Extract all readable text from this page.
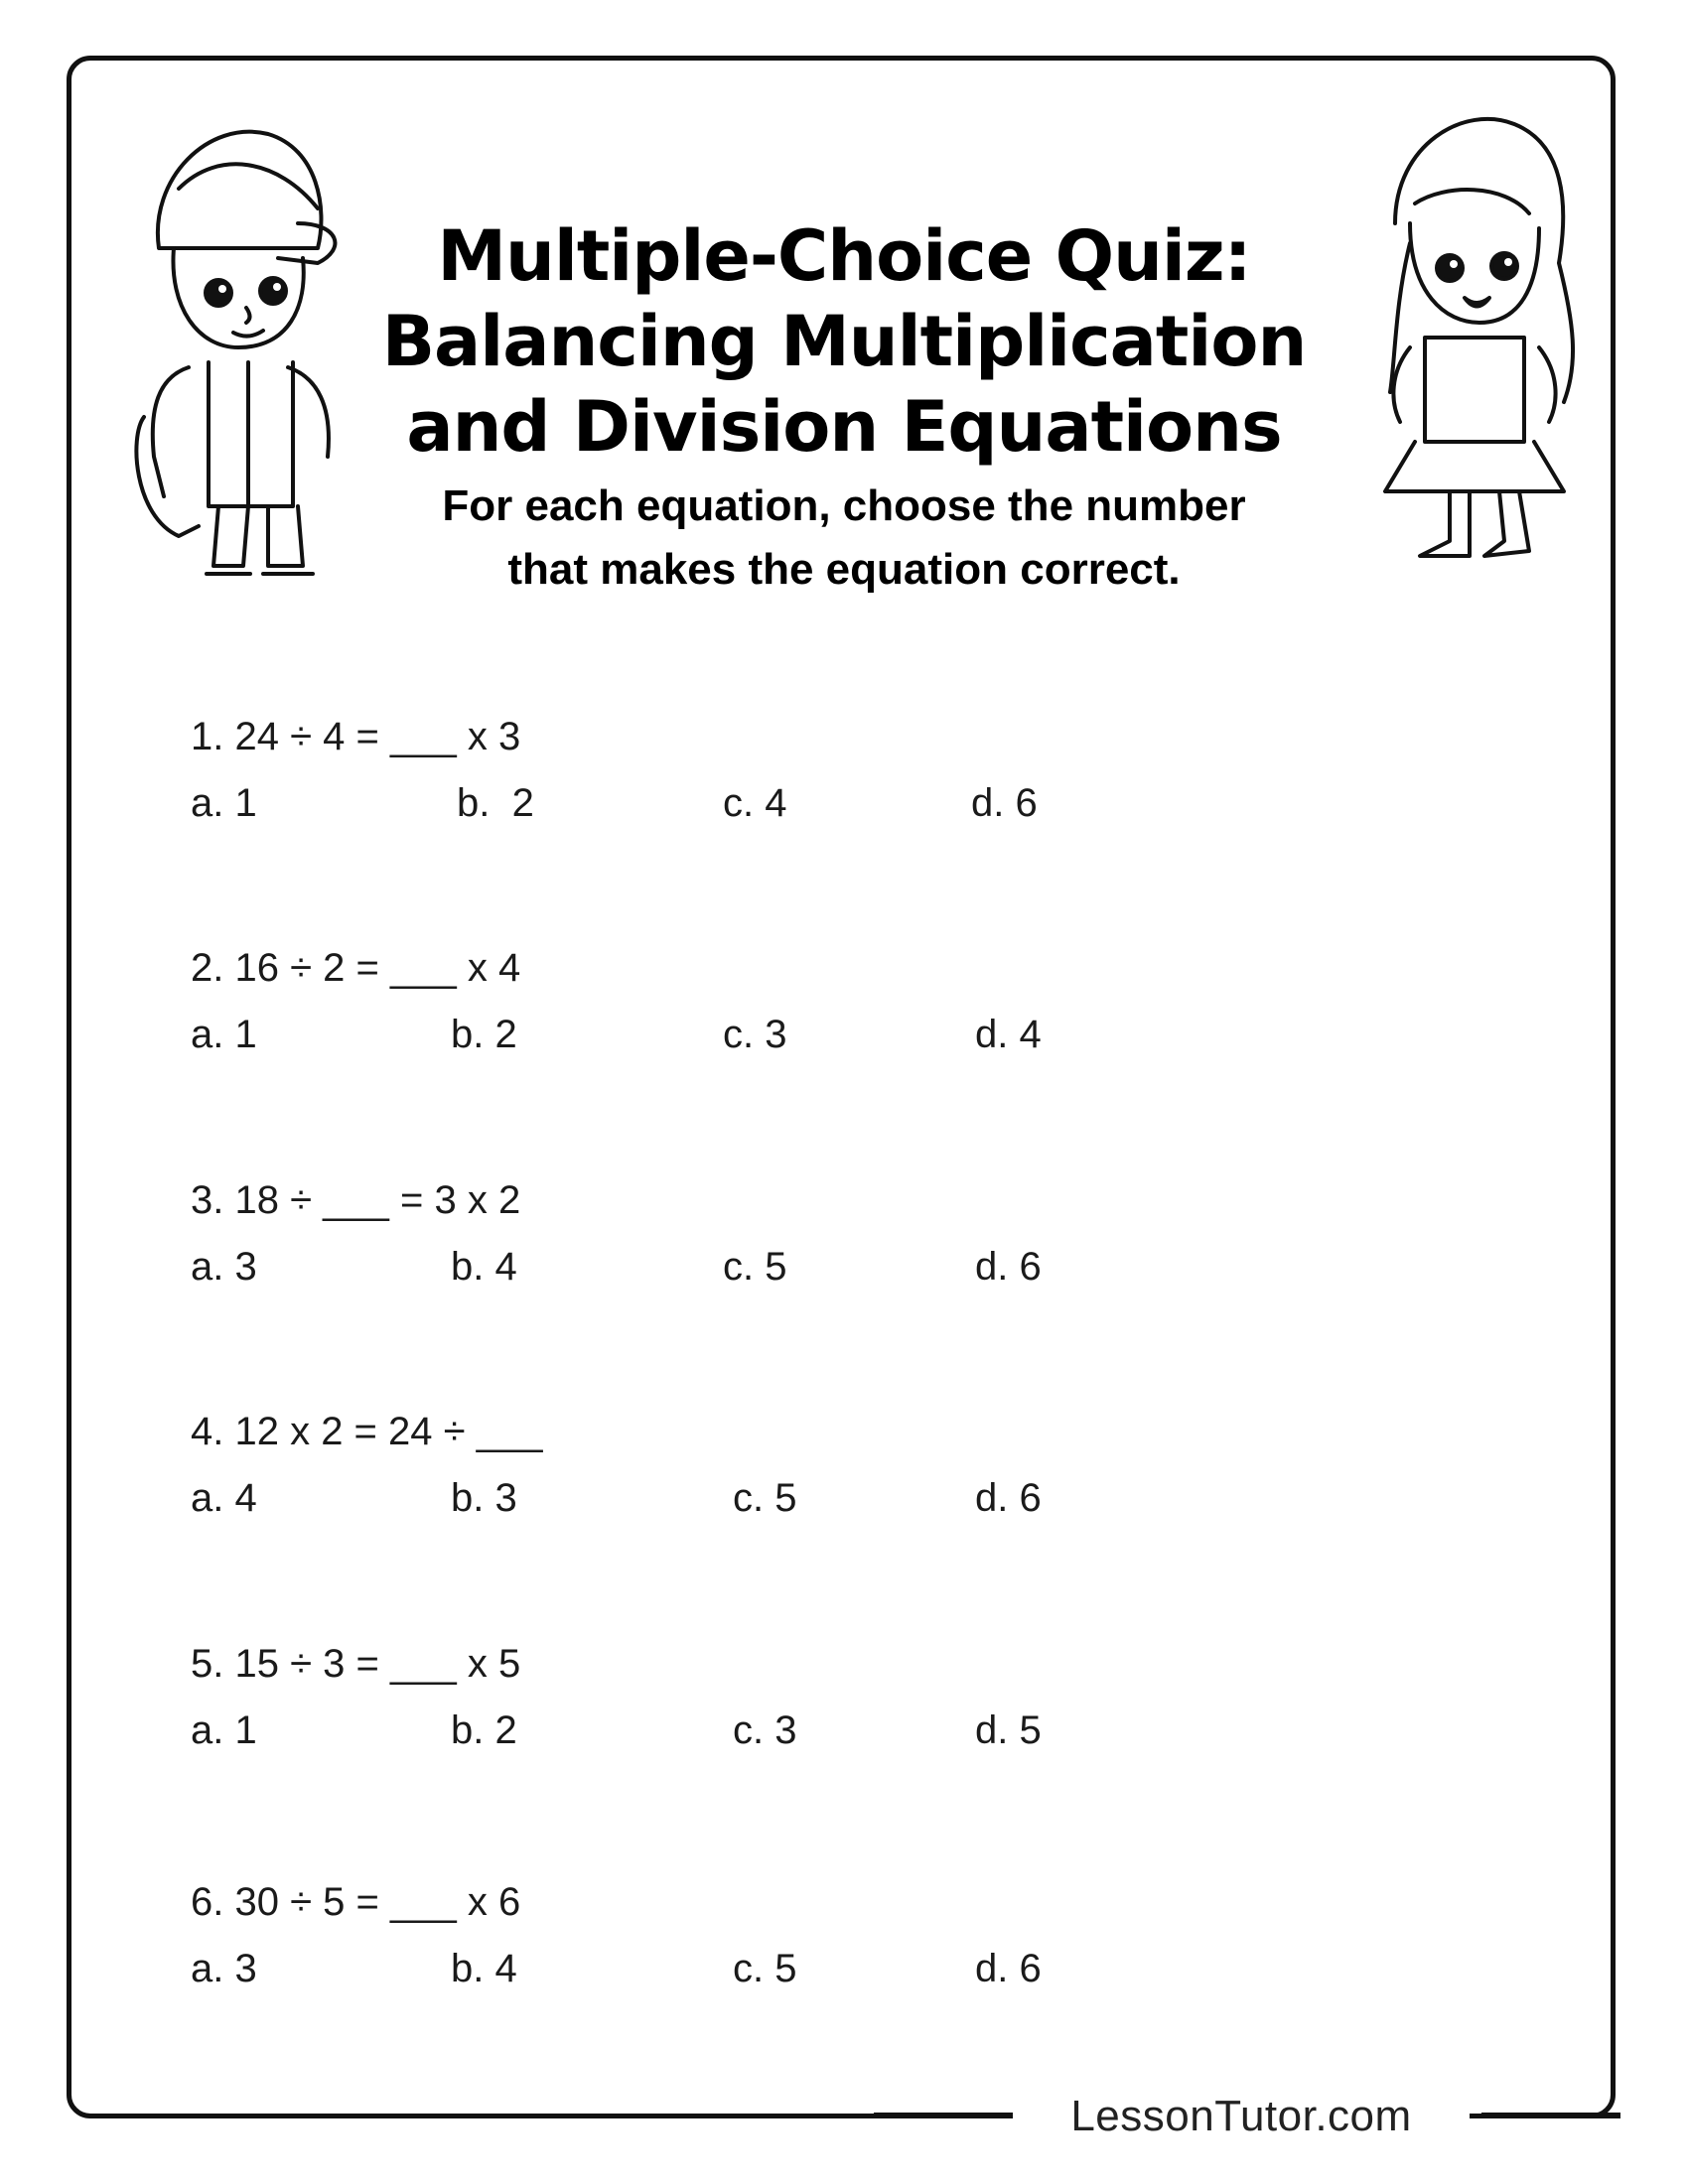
Multiple-Choice Quiz:
Balancing Multiplication
and Division Equations
For each equation, choose the number
that makes the equation correct.
1. 24 ÷ 4 = ___ x 3
a. 1	b.  2	c. 4	d. 6
2. 16 ÷ 2 = ___ x 4
a. 1	b. 2	c. 3	d. 4
3. 18 ÷ ___ = 3 x 2
a. 3	b. 4	c. 5	d. 6
4. 12 x 2 = 24 ÷ ___
a. 4	b. 3	c. 5	d. 6
5. 15 ÷ 3 = ___ x 5
a. 1	b. 2	c. 3	d. 5
6. 30 ÷ 5 = ___ x 6
a. 3	b. 4	c. 5	d. 6
LessonTutor.com
